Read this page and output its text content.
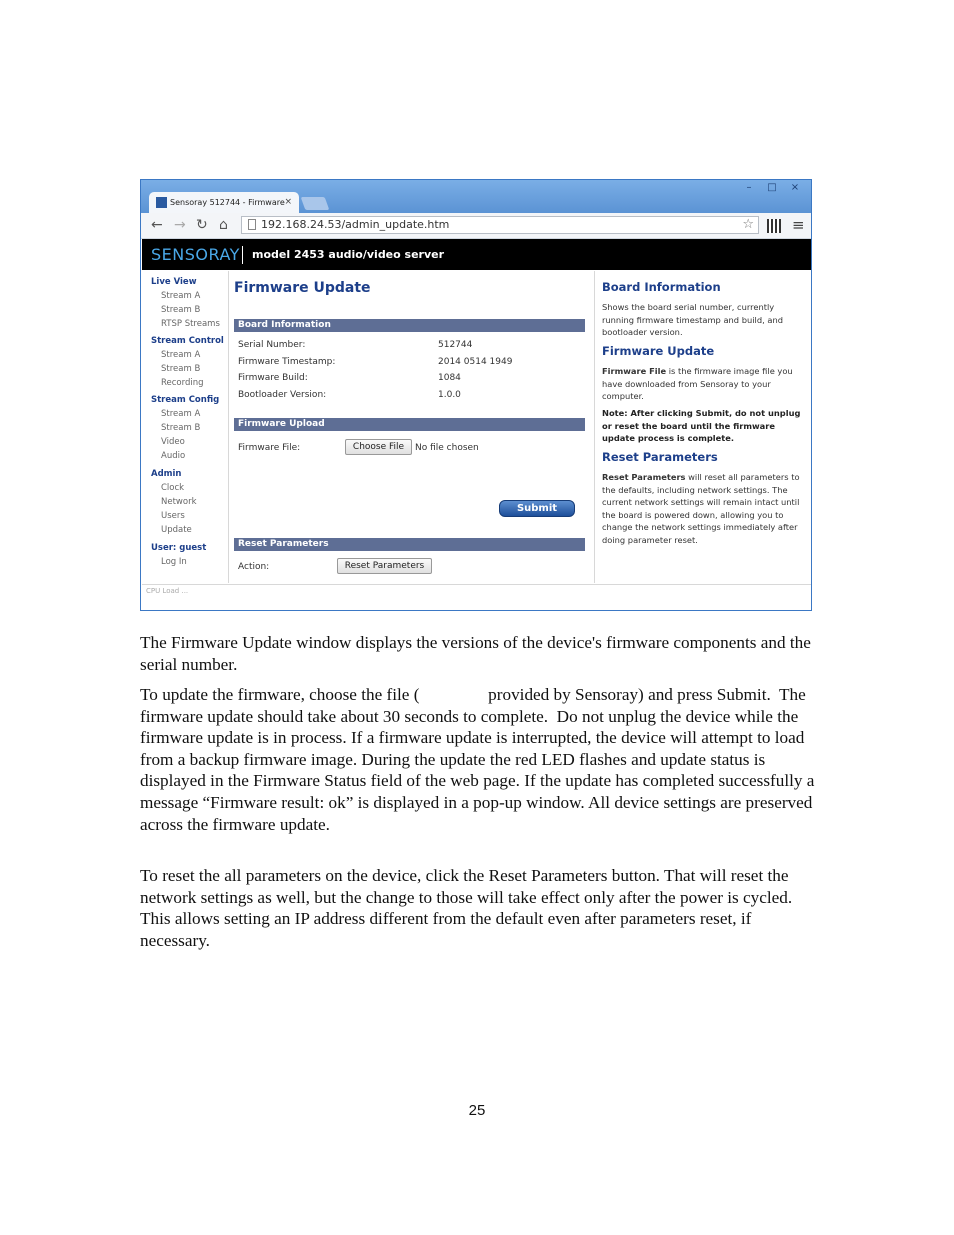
–	□	×
Sensoray 512744 - Firmware ×
← → ↻ ⌂	192.168.24.53/admin_update.htm	☆	≡
SENSORAY model 2453 audio/video server
Live View
Stream A
Stream B
RTSP Streams
Stream Control
Stream A
Stream B
Recording
Stream Config
Stream A
Stream B
Video
Audio
Admin
Clock
Network
Users
Update
User: guest
Log In
Firmware Update
Board Information
Serial Number:	512744
Firmware Timestamp:	2014 0514 1949
Firmware Build:	1084
Bootloader Version:	1.0.0
Firmware Upload
Firmware File:	Choose File	No file chosen
Submit
Reset Parameters
Action:	Reset Parameters
Board Information
Shows the board serial number, currently running firmware timestamp and build, and bootloader version.
Firmware Update
Firmware File is the firmware image file you have downloaded from Sensoray to your computer.
Note: After clicking Submit, do not unplug or reset the board until the firmware update process is complete.
Reset Parameters
Reset Parameters will reset all parameters to the defaults, including network settings. The current network settings will remain intact until the board is powered down, allowing you to change the network settings immediately after doing parameter reset.
CPU Load ...

The Firmware Update window displays the versions of the device's firmware components and the serial number.

To update the firmware, choose the file (                provided by Sensoray) and press Submit.  The firmware update should take about 30 seconds to complete.  Do not unplug the device while the firmware update is in process. If a firmware update is interrupted, the device will attempt to load from a backup firmware image. During the update the red LED flashes and update status is displayed in the Firmware Status field of the web page. If the update has completed successfully a message “Firmware result: ok” is displayed in a pop-up window. All device settings are preserved across the firmware update.

To reset the all parameters on the device, click the Reset Parameters button. That will reset the network settings as well, but the change to those will take effect only after the power is cycled. This allows setting an IP address different from the default even after parameters reset, if necessary.

25
